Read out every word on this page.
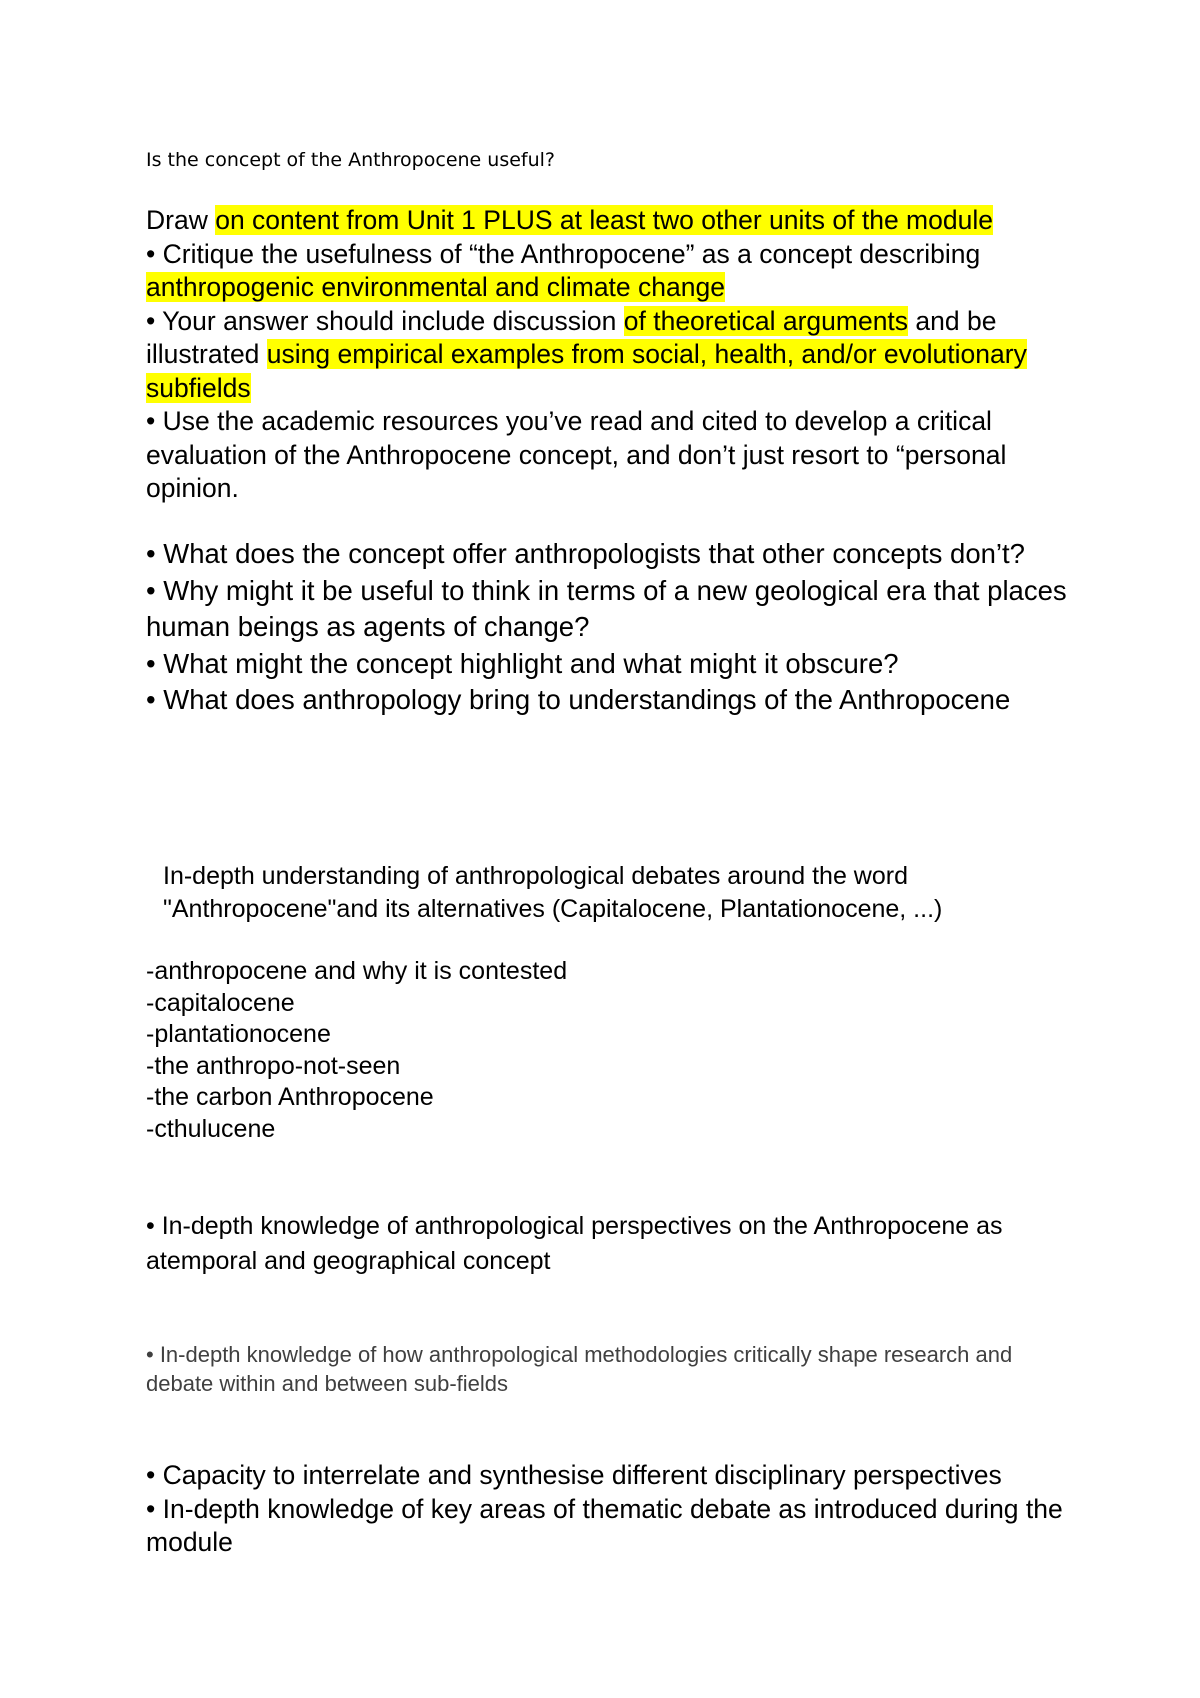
Is the concept of the Anthropocene useful?

Draw on content from Unit 1 PLUS at least two other units of the module

• Critique the usefulness of “the Anthropocene” as a concept describing anthropogenic environmental and climate change

• Your answer should include discussion of theoretical arguments and be illustrated using empirical examples from social, health, and/or evolutionary subfields

• Use the academic resources you’ve read and cited to develop a critical evaluation of the Anthropocene concept, and don’t just resort to “personal opinion.

• What does the concept offer anthropologists that other concepts don’t?

• Why might it be useful to think in terms of a new geological era that places human beings as agents of change?

• What might the concept highlight and what might it obscure?

• What does anthropology bring to understandings of the Anthropocene

In-depth understanding of anthropological debates around the word "Anthropocene"and its alternatives (Capitalocene, Plantationocene, ...)

-anthropocene and why it is contested

-capitalocene

-plantationocene

-the anthropo-not-seen

-the carbon Anthropocene

-cthulucene

• In-depth knowledge of anthropological perspectives on the Anthropocene as atemporal and geographical concept
• In-depth knowledge of how anthropological methodologies critically shape research and debate within and between sub-fields

• Capacity to interrelate and synthesise different disciplinary perspectives

• In-depth knowledge of key areas of thematic debate as introduced during the module
